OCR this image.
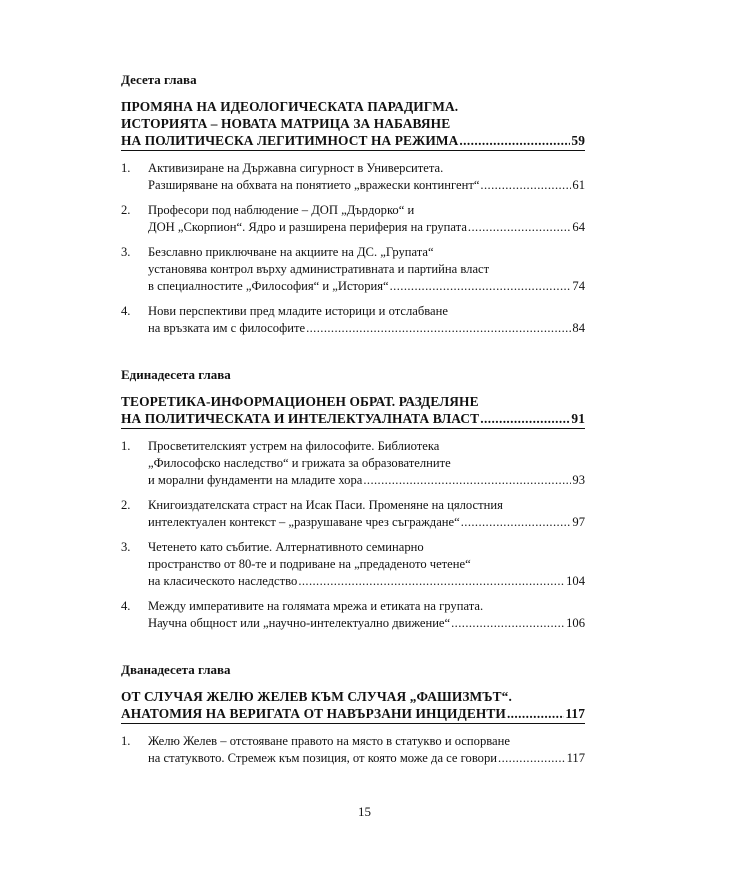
Десета глава
ПРОМЯНА НА ИДЕОЛОГИЧЕСКАТА ПАРАДИГМА.
ИСТОРИЯТА – НОВАТА МАТРИЦА ЗА НАБАВЯНЕ
НА ПОЛИТИЧЕСКА ЛЕГИТИМНОСТ НА РЕЖИМА .....	59
1.	Активизиране на Държавна сигурност в Университета.
Разширяване на обхвата на понятието „вражески контингент“ .....	61
2.	Професори под наблюдение – ДОП „Дърдорко“ и
ДОН „Скорпион“. Ядро и разширена периферия на групата .....	64
3.	Безславно приключване на акциите на ДС. „Групата“
установява контрол върху административната и партийна власт
в специалностите „Философия“ и „История“ .....	74
4.	Нови перспективи пред младите историци и отслабване
на връзката им с философите .....	84
Единадесета глава
ТЕОРЕТИКА-ИНФОРМАЦИОНЕН ОБРАТ. РАЗДЕЛЯНЕ
НА ПОЛИТИЧЕСКАТА И ИНТЕЛЕКТУАЛНАТА ВЛАСТ .....	91
1.	Просветителският устрем на философите. Библиотека
„Философско наследство“ и грижата за образователните
и морални фундаменти на младите хора .....	93
2.	Книгоиздателската страст на Исак Паси. Променяне на цялостния
интелектуален контекст – „разрушаване чрез съграждане“ .....	97
3.	Четенето като събитие. Алтернативното семинарно
пространство от 80-те и подриване на „предаденото четене“
на класическото наследство .....	104
4.	Между императивите на голямата мрежа и етиката на групата.
Научна общност или „научно-интелектуално движение“ .....	106
Дванадесета глава
ОТ СЛУЧАЯ ЖЕЛЮ ЖЕЛЕВ КЪМ СЛУЧАЯ „ФАШИЗМЪТ“.
АНАТОМИЯ НА ВЕРИГАТА ОТ НАВЪРЗАНИ ИНЦИДЕНТИ .....	117
1.	Желю Желев – отстояване правото на място в статукво и оспорване
на статуквото. Стремеж към позиция, от която може да се говори .....	117
15
